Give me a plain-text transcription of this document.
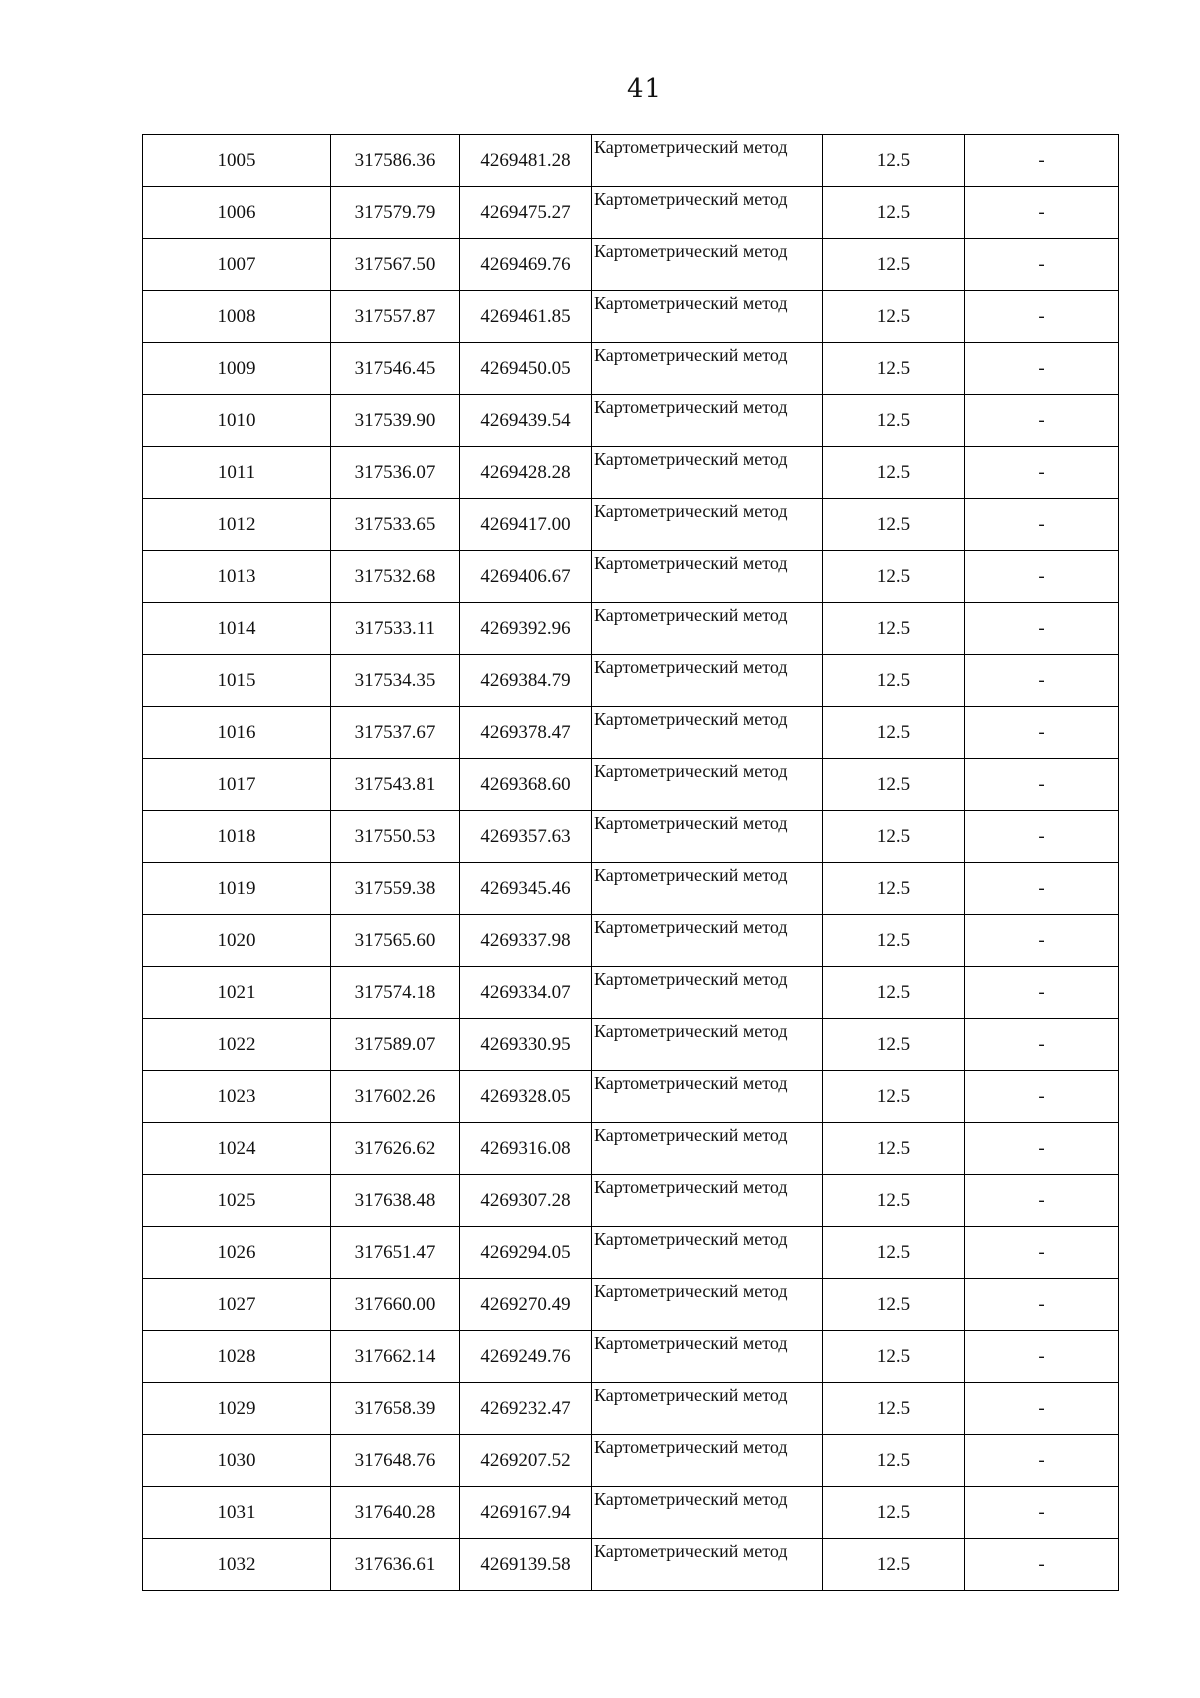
41
1005	317586.36	4269481.28	Картометрический метод	12.5	-
1006	317579.79	4269475.27	Картометрический метод	12.5	-
1007	317567.50	4269469.76	Картометрический метод	12.5	-
1008	317557.87	4269461.85	Картометрический метод	12.5	-
1009	317546.45	4269450.05	Картометрический метод	12.5	-
1010	317539.90	4269439.54	Картометрический метод	12.5	-
1011	317536.07	4269428.28	Картометрический метод	12.5	-
1012	317533.65	4269417.00	Картометрический метод	12.5	-
1013	317532.68	4269406.67	Картометрический метод	12.5	-
1014	317533.11	4269392.96	Картометрический метод	12.5	-
1015	317534.35	4269384.79	Картометрический метод	12.5	-
1016	317537.67	4269378.47	Картометрический метод	12.5	-
1017	317543.81	4269368.60	Картометрический метод	12.5	-
1018	317550.53	4269357.63	Картометрический метод	12.5	-
1019	317559.38	4269345.46	Картометрический метод	12.5	-
1020	317565.60	4269337.98	Картометрический метод	12.5	-
1021	317574.18	4269334.07	Картометрический метод	12.5	-
1022	317589.07	4269330.95	Картометрический метод	12.5	-
1023	317602.26	4269328.05	Картометрический метод	12.5	-
1024	317626.62	4269316.08	Картометрический метод	12.5	-
1025	317638.48	4269307.28	Картометрический метод	12.5	-
1026	317651.47	4269294.05	Картометрический метод	12.5	-
1027	317660.00	4269270.49	Картометрический метод	12.5	-
1028	317662.14	4269249.76	Картометрический метод	12.5	-
1029	317658.39	4269232.47	Картометрический метод	12.5	-
1030	317648.76	4269207.52	Картометрический метод	12.5	-
1031	317640.28	4269167.94	Картометрический метод	12.5	-
1032	317636.61	4269139.58	Картометрический метод	12.5	-
